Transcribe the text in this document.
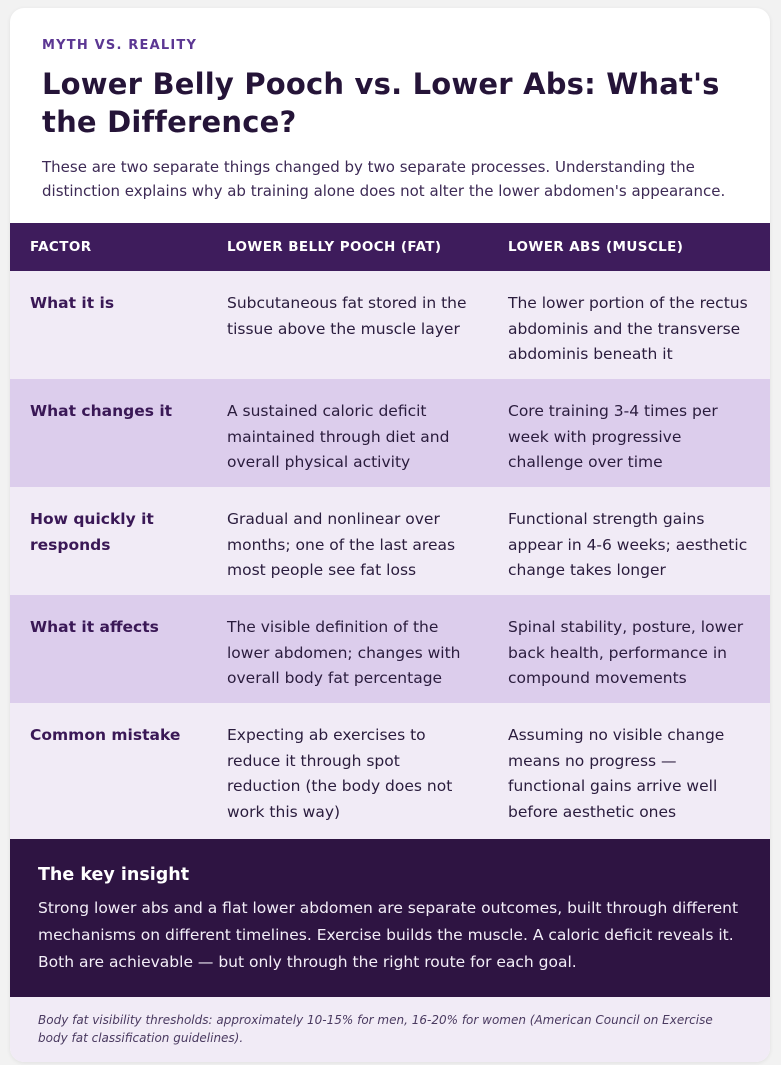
MYTH VS. REALITY

Lower Belly Pooch vs. Lower Abs: What's the Difference?

These are two separate things changed by two separate processes. Understanding the distinction explains why ab training alone does not alter the lower abdomen's appearance.

FACTOR	LOWER BELLY POOCH (FAT)	LOWER ABS (MUSCLE)
What it is	Subcutaneous fat stored in the tissue above the muscle layer	The lower portion of the rectus abdominis and the transverse abdominis beneath it
What changes it	A sustained caloric deficit maintained through diet and overall physical activity	Core training 3-4 times per week with progressive challenge over time
How quickly it responds	Gradual and nonlinear over months; one of the last areas most people see fat loss	Functional strength gains appear in 4-6 weeks; aesthetic change takes longer
What it affects	The visible definition of the lower abdomen; changes with overall body fat percentage	Spinal stability, posture, lower back health, performance in compound movements
Common mistake	Expecting ab exercises to reduce it through spot reduction (the body does not work this way)	Assuming no visible change means no progress — functional gains arrive well before aesthetic ones

The key insight

Strong lower abs and a flat lower abdomen are separate outcomes, built through different mechanisms on different timelines. Exercise builds the muscle. A caloric deficit reveals it. Both are achievable — but only through the right route for each goal.

Body fat visibility thresholds: approximately 10-15% for men, 16-20% for women (American Council on Exercise body fat classification guidelines).
